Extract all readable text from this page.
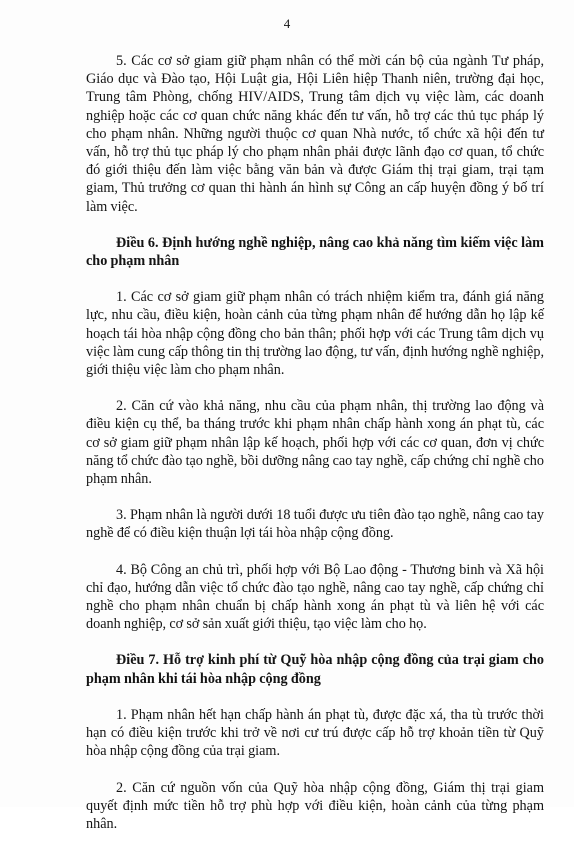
4

5. Các cơ sở giam giữ phạm nhân có thể mời cán bộ của ngành Tư pháp, Giáo dục và Đào tạo, Hội Luật gia, Hội Liên hiệp Thanh niên, trường đại học, Trung tâm Phòng, chống HIV/AIDS, Trung tâm dịch vụ việc làm, các doanh nghiệp hoặc các cơ quan chức năng khác đến tư vấn, hỗ trợ các thủ tục pháp lý cho phạm nhân. Những người thuộc cơ quan Nhà nước, tổ chức xã hội đến tư vấn, hỗ trợ thủ tục pháp lý cho phạm nhân phải được lãnh đạo cơ quan, tổ chức đó giới thiệu đến làm việc bằng văn bản và được Giám thị trại giam, trại tạm giam, Thủ trưởng cơ quan thi hành án hình sự Công an cấp huyện đồng ý bố trí làm việc.

Điều 6. Định hướng nghề nghiệp, nâng cao khả năng tìm kiếm việc làm cho phạm nhân

1. Các cơ sở giam giữ phạm nhân có trách nhiệm kiểm tra, đánh giá năng lực, nhu cầu, điều kiện, hoàn cảnh của từng phạm nhân để hướng dẫn họ lập kế hoạch tái hòa nhập cộng đồng cho bản thân; phối hợp với các Trung tâm dịch vụ việc làm cung cấp thông tin thị trường lao động, tư vấn, định hướng nghề nghiệp, giới thiệu việc làm cho phạm nhân.

2. Căn cứ vào khả năng, nhu cầu của phạm nhân, thị trường lao động và điều kiện cụ thể, ba tháng trước khi phạm nhân chấp hành xong án phạt tù, các cơ sở giam giữ phạm nhân lập kế hoạch, phối hợp với các cơ quan, đơn vị chức năng tổ chức đào tạo nghề, bồi dưỡng nâng cao tay nghề, cấp chứng chỉ nghề cho phạm nhân.

3. Phạm nhân là người dưới 18 tuổi được ưu tiên đào tạo nghề, nâng cao tay nghề để có điều kiện thuận lợi tái hòa nhập cộng đồng.

4. Bộ Công an chủ trì, phối hợp với Bộ Lao động - Thương binh và Xã hội chỉ đạo, hướng dẫn việc tổ chức đào tạo nghề, nâng cao tay nghề, cấp chứng chỉ nghề cho phạm nhân chuẩn bị chấp hành xong án phạt tù và liên hệ với các doanh nghiệp, cơ sở sản xuất giới thiệu, tạo việc làm cho họ.

Điều 7. Hỗ trợ kinh phí từ Quỹ hòa nhập cộng đồng của trại giam cho phạm nhân khi tái hòa nhập cộng đồng

1. Phạm nhân hết hạn chấp hành án phạt tù, được đặc xá, tha tù trước thời hạn có điều kiện trước khi trở về nơi cư trú được cấp hỗ trợ khoản tiền từ Quỹ hòa nhập cộng đồng của trại giam.

2. Căn cứ nguồn vốn của Quỹ hòa nhập cộng đồng, Giám thị trại giam quyết định mức tiền hỗ trợ phù hợp với điều kiện, hoàn cảnh của từng phạm nhân.
